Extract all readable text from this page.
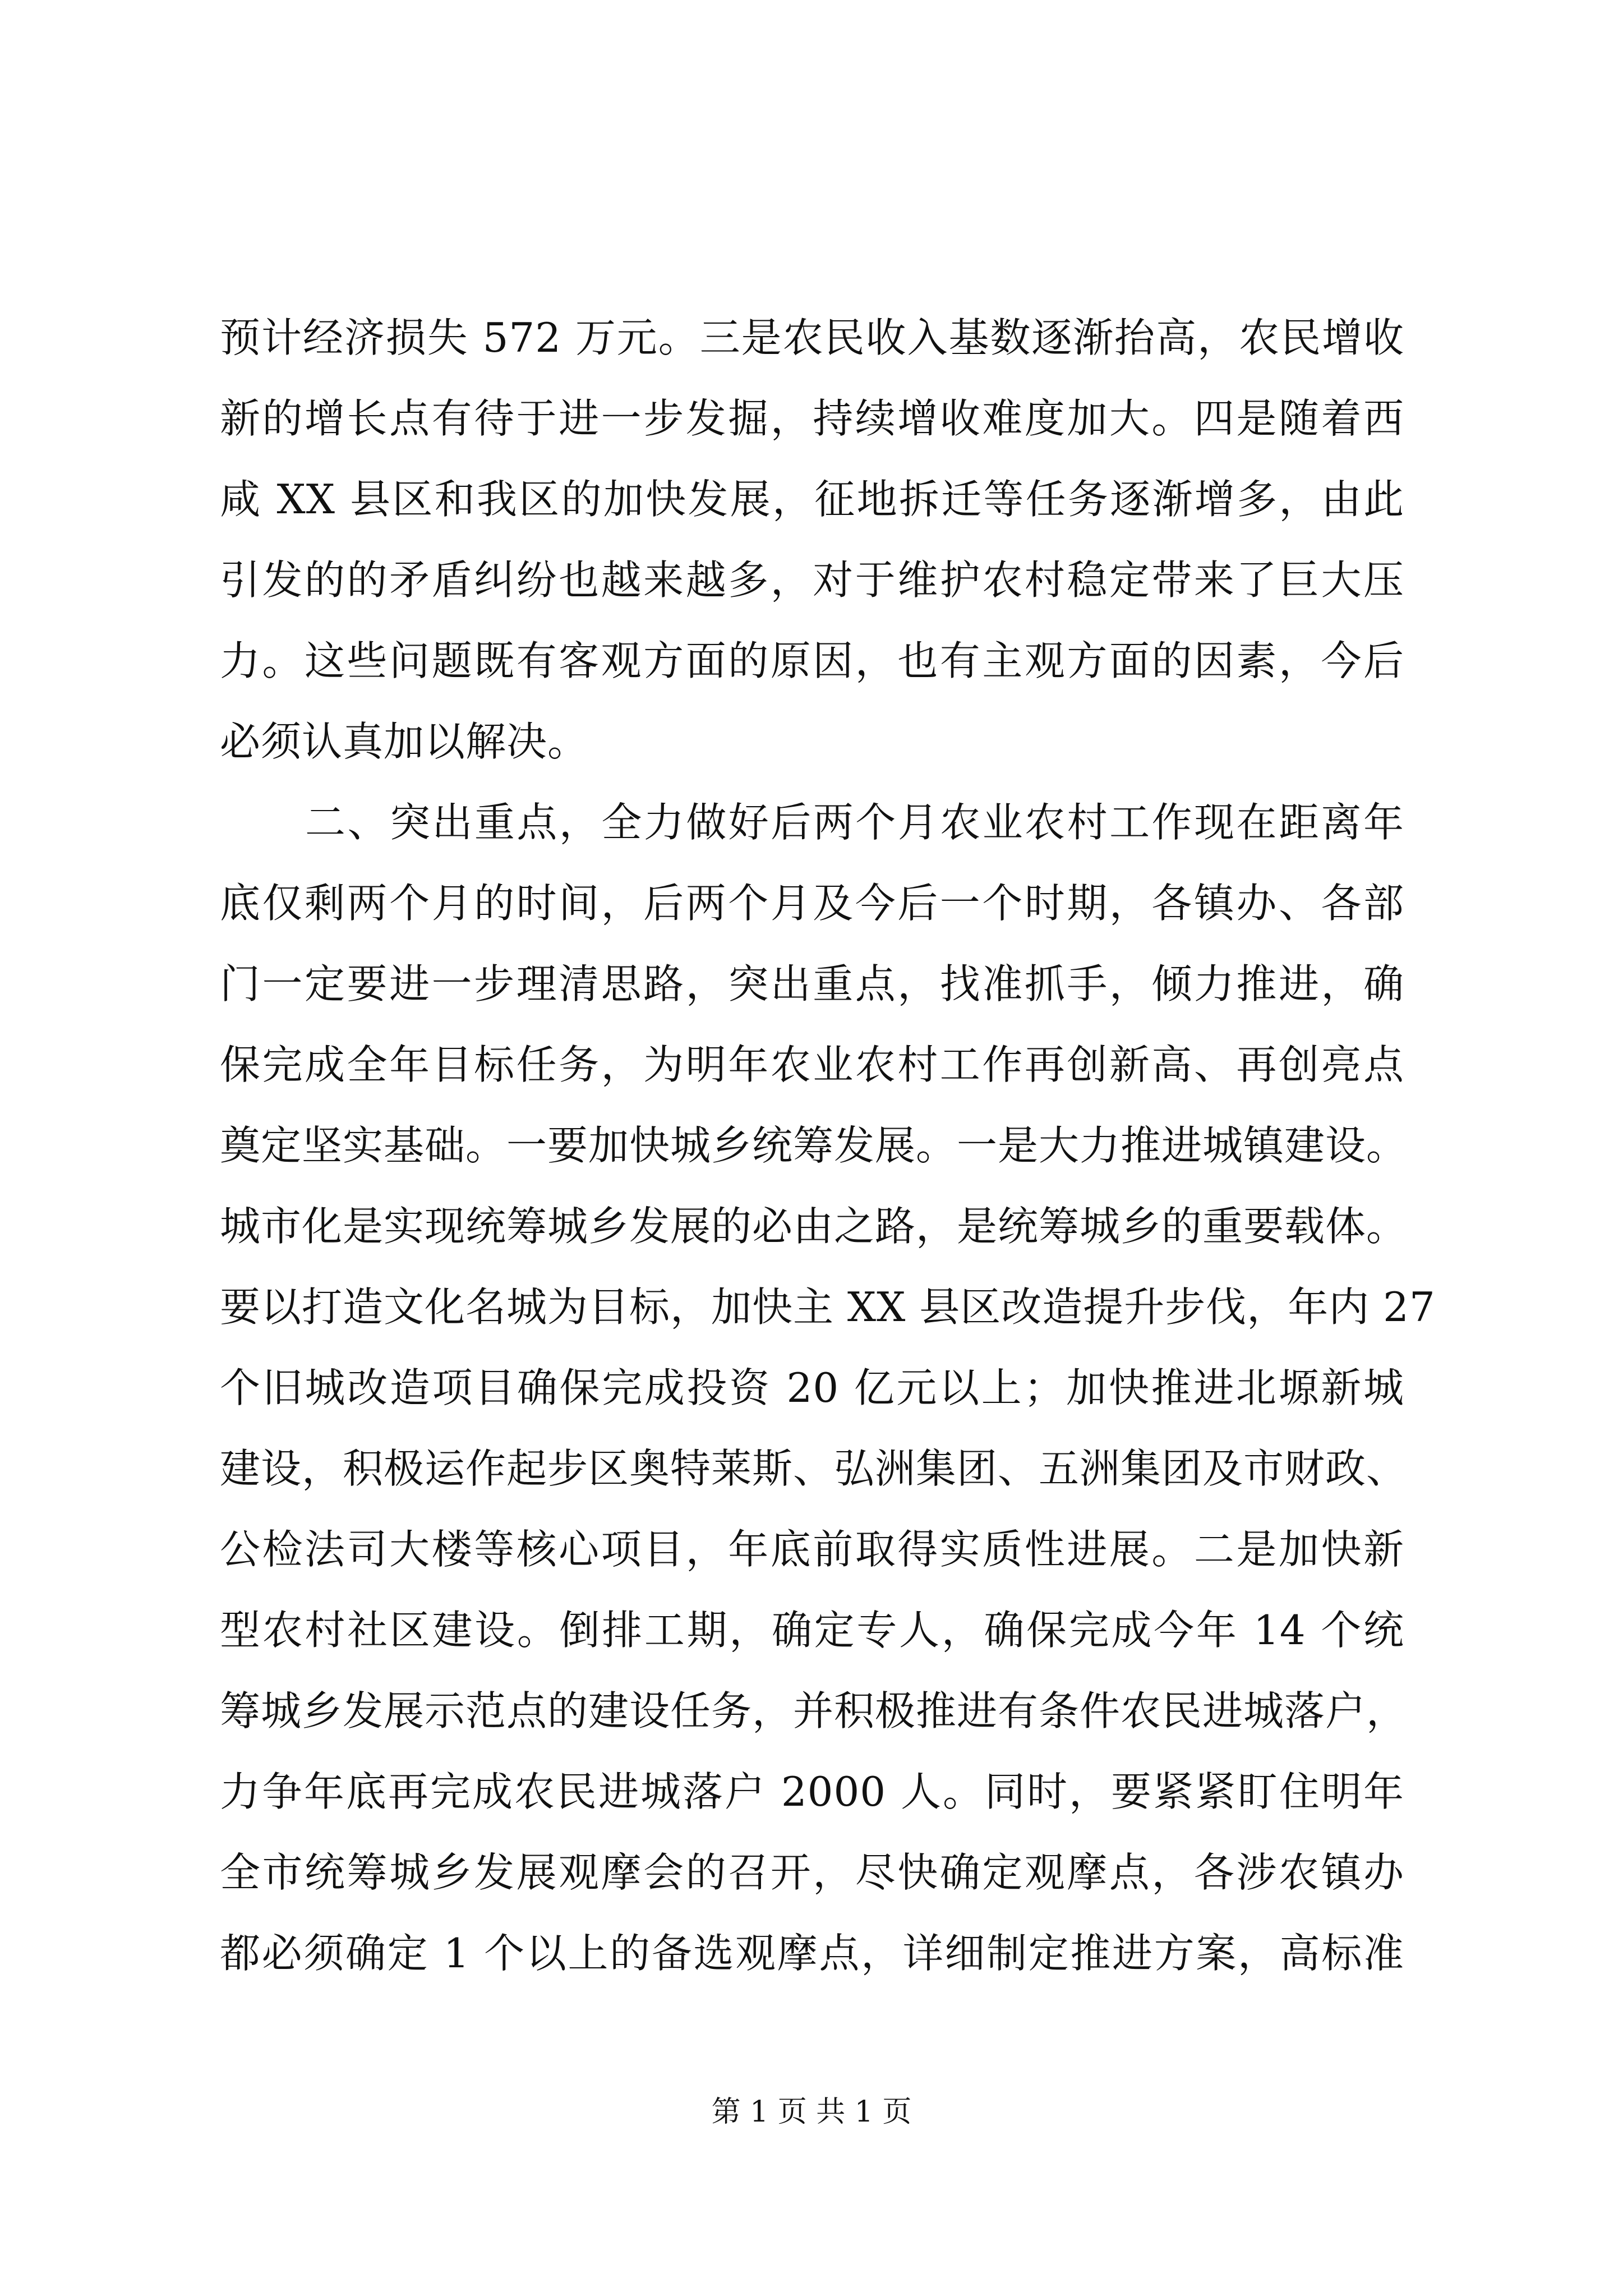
预计经济损失 572 万元。三是农民收入基数逐渐抬高，农民增收
新的增长点有待于进一步发掘，持续增收难度加大。四是随着西
咸 XX 县区和我区的加快发展，征地拆迁等任务逐渐增多，由此
引发的的矛盾纠纷也越来越多，对于维护农村稳定带来了巨大压
力。这些问题既有客观方面的原因，也有主观方面的因素，今后
必须认真加以解决。
二、突出重点，全力做好后两个月农业农村工作现在距离年
底仅剩两个月的时间，后两个月及今后一个时期，各镇办、各部
门一定要进一步理清思路，突出重点，找准抓手，倾力推进，确
保完成全年目标任务，为明年农业农村工作再创新高、再创亮点
奠定坚实基础。一要加快城乡统筹发展。一是大力推进城镇建设。
城市化是实现统筹城乡发展的必由之路，是统筹城乡的重要载体。
要以打造文化名城为目标，加快主 XX 县区改造提升步伐，年内 27
个旧城改造项目确保完成投资 20 亿元以上；加快推进北塬新城
建设，积极运作起步区奥特莱斯、弘洲集团、五洲集团及市财政、
公检法司大楼等核心项目，年底前取得实质性进展。二是加快新
型农村社区建设。倒排工期，确定专人，确保完成今年 14 个统
筹城乡发展示范点的建设任务，并积极推进有条件农民进城落户，
力争年底再完成农民进城落户 2000 人。同时，要紧紧盯住明年
全市统筹城乡发展观摩会的召开，尽快确定观摩点，各涉农镇办
都必须确定 1 个以上的备选观摩点，详细制定推进方案，高标准
第 1 页 共 1 页
